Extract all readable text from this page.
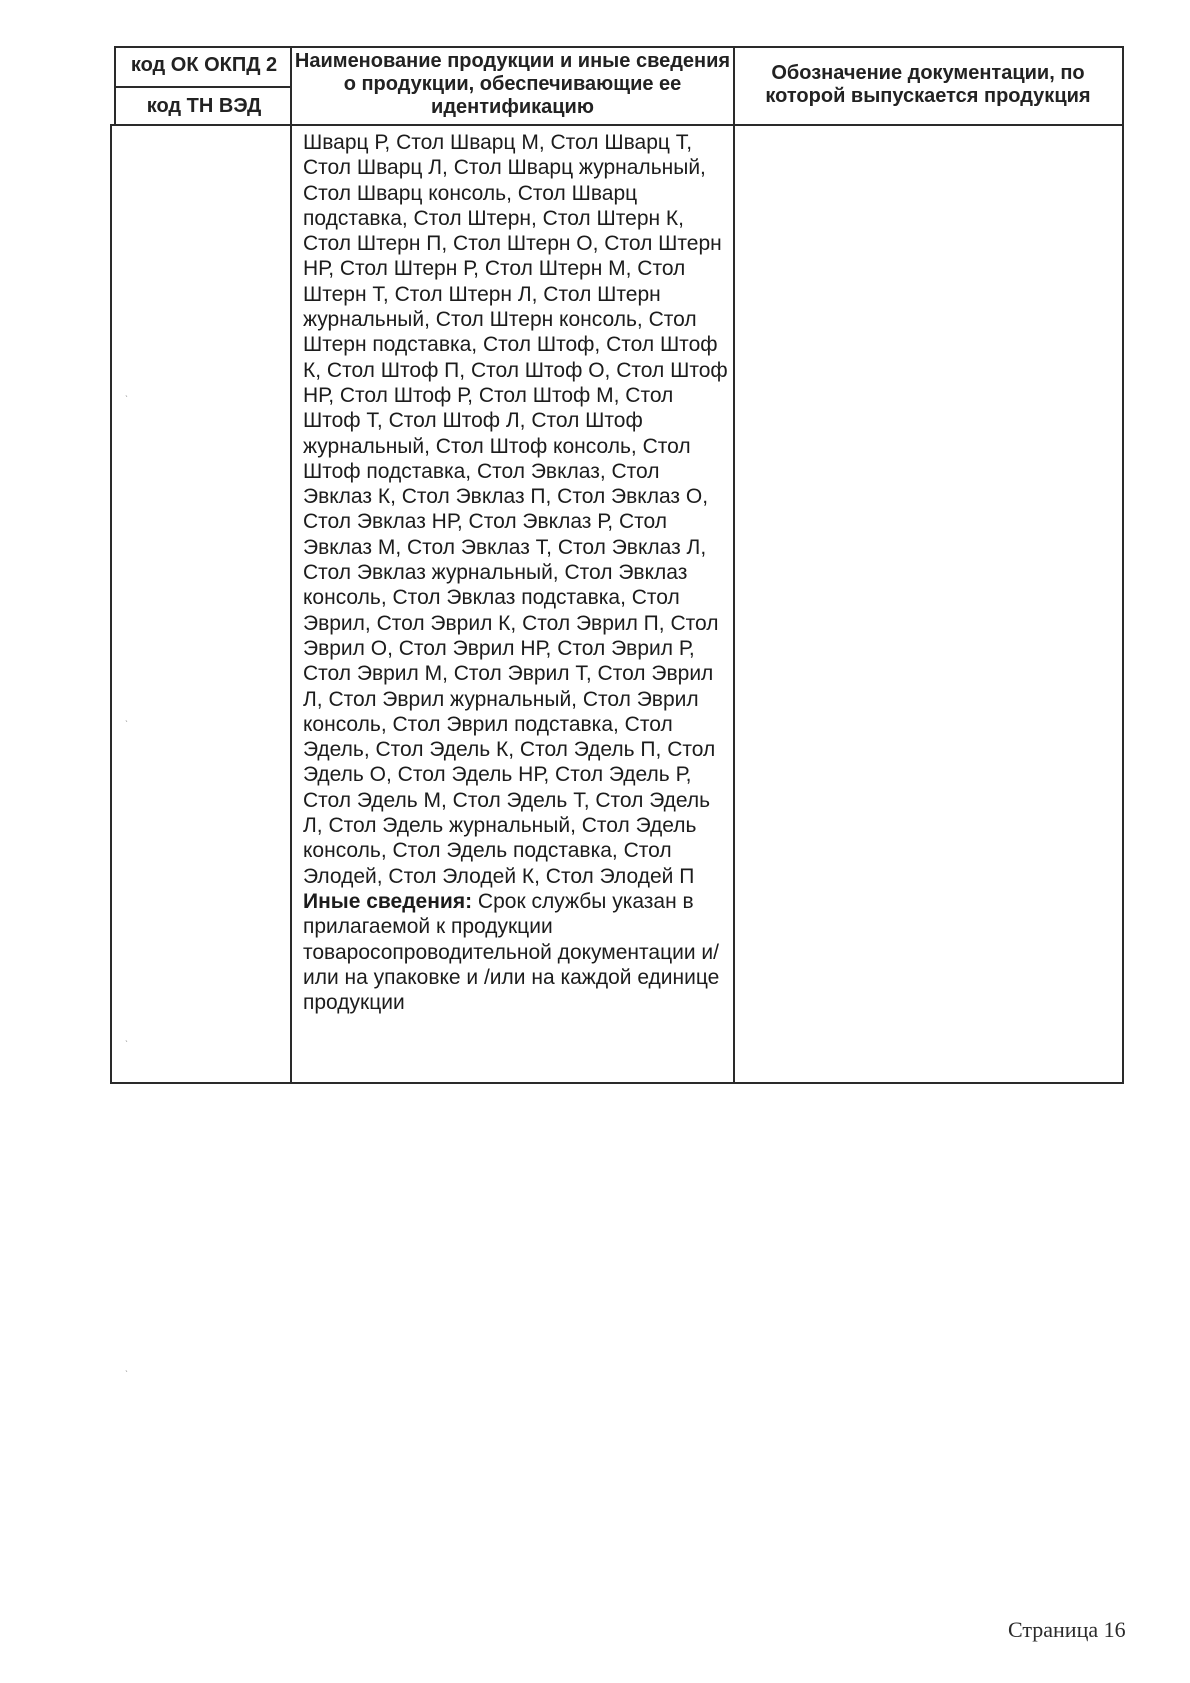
код ОК ОКПД 2
код ТН ВЭД
Наименование продукции и иные сведения о продукции, обеспечивающие ее идентификацию
Обозначение документации, по которой выпускается продукция
Шварц Р, Стол Шварц М, Стол Шварц Т, Стол Шварц Л, Стол Шварц журнальный, Стол Шварц консоль, Стол Шварц подставка, Стол Штерн, Стол Штерн К, Стол Штерн П, Стол Штерн О, Стол Штерн НР, Стол Штерн Р, Стол Штерн М, Стол Штерн Т, Стол Штерн Л, Стол Штерн журнальный, Стол Штерн консоль, Стол Штерн подставка, Стол Штоф, Стол Штоф К, Стол Штоф П, Стол Штоф О, Стол Штоф НР, Стол Штоф Р, Стол Штоф М, Стол Штоф Т, Стол Штоф Л, Стол Штоф журнальный, Стол Штоф консоль, Стол Штоф подставка, Стол Эвклаз, Стол Эвклаз К, Стол Эвклаз П, Стол Эвклаз О, Стол Эвклаз НР, Стол Эвклаз Р, Стол Эвклаз М, Стол Эвклаз Т, Стол Эвклаз Л, Стол Эвклаз журнальный, Стол Эвклаз консоль, Стол Эвклаз подставка, Стол Эврил, Стол Эврил К, Стол Эврил П, Стол Эврил О, Стол Эврил НР, Стол Эврил Р, Стол Эврил М, Стол Эврил Т, Стол Эврил Л, Стол Эврил журнальный, Стол Эврил консоль, Стол Эврил подставка, Стол Эдель, Стол Эдель К, Стол Эдель П, Стол Эдель О, Стол Эдель НР, Стол Эдель Р, Стол Эдель М, Стол Эдель Т, Стол Эдель Л, Стол Эдель журнальный, Стол Эдель консоль, Стол Эдель подставка, Стол Элодей, Стол Элодей К, Стол Элодей П
Иные сведения: Срок службы указан в прилагаемой к продукции товаросопроводительной документации и/или на упаковке и /или на каждой единице продукции
ˎ
ˎ
ˎ
ˎ
Страница 16
